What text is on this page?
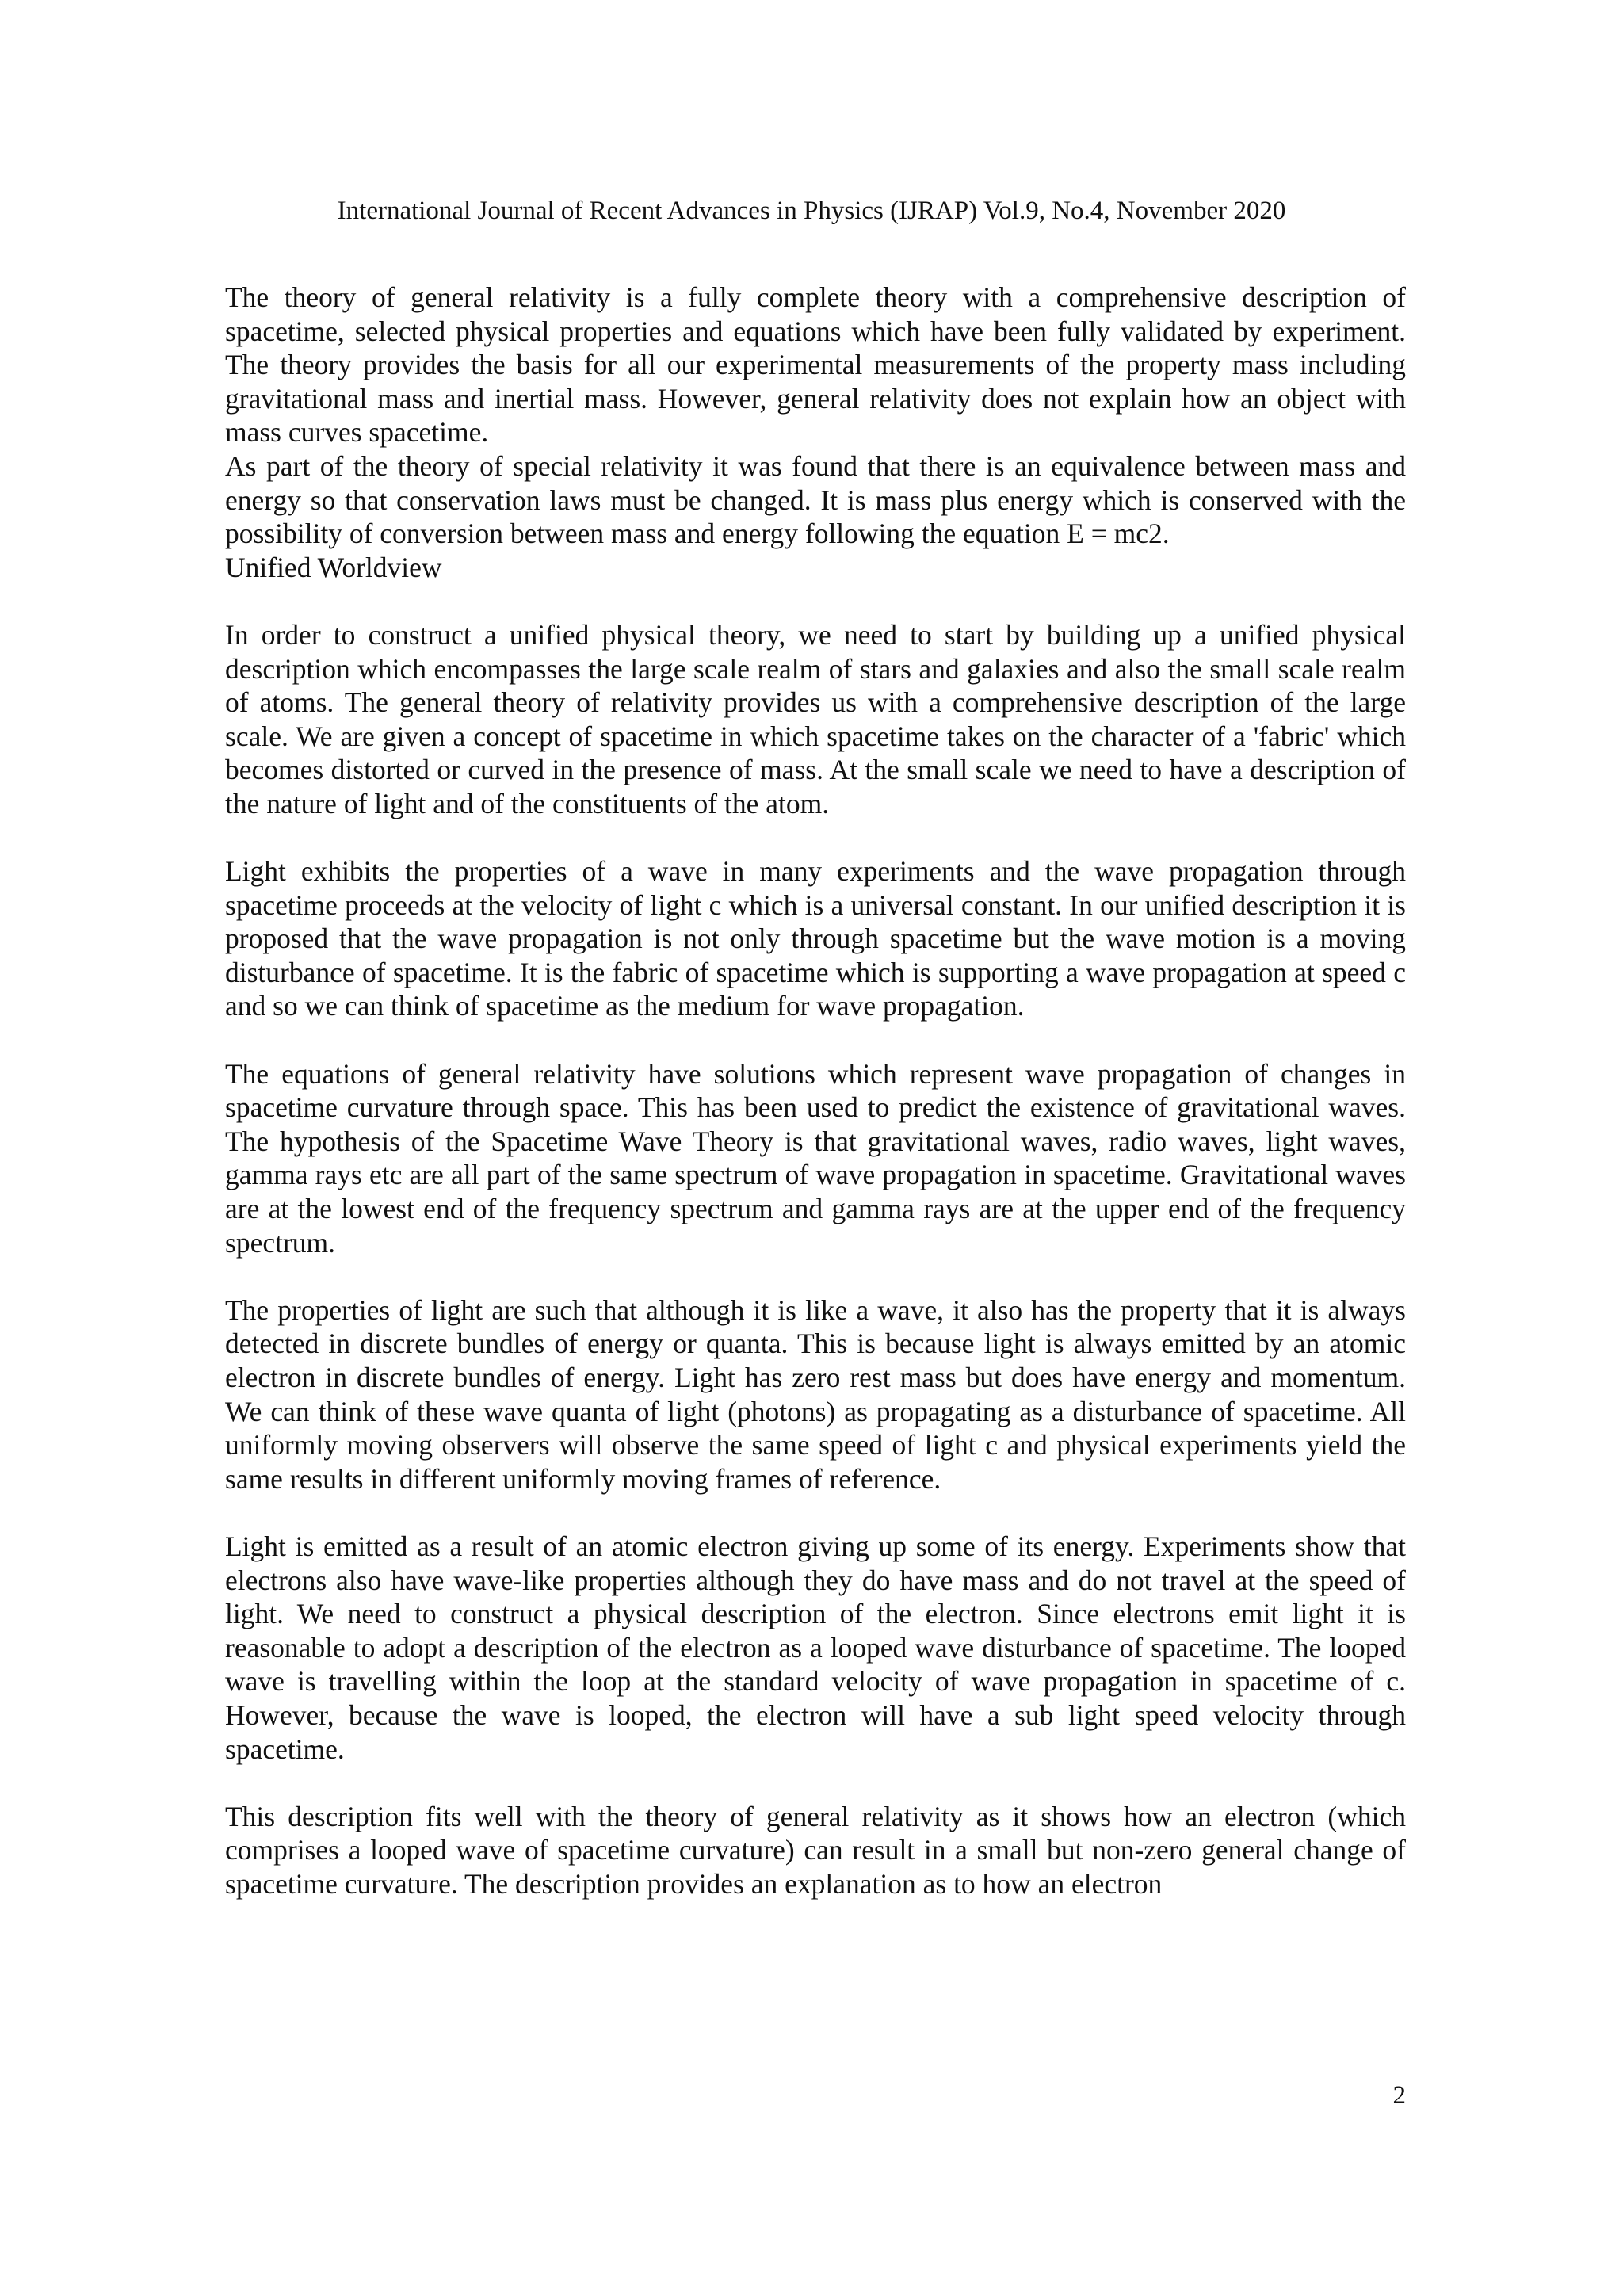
International Journal of Recent Advances in Physics (IJRAP) Vol.9, No.4, November 2020

The theory of general relativity is a fully complete theory with a comprehensive description of spacetime, selected physical properties and equations which have been fully validated by experiment. The theory provides the basis for all our experimental measurements of the property mass including gravitational mass and inertial mass. However, general relativity does not explain how an object with mass curves spacetime.

As part of the theory of special relativity it was found that there is an equivalence between mass and energy so that conservation laws must be changed. It is mass plus energy which is conserved with the possibility of conversion between mass and energy following the equation E = mc2.

Unified Worldview

In order to construct a unified physical theory, we need to start by building up a unified physical description which encompasses the large scale realm of stars and galaxies and also the small scale realm of atoms. The general theory of relativity provides us with a comprehensive description of the large scale. We are given a concept of spacetime in which spacetime takes on the character of a 'fabric' which becomes distorted or curved in the presence of mass. At the small scale we need to have a description of the nature of light and of the constituents of the atom.

Light exhibits the properties of a wave in many experiments and the wave propagation through spacetime proceeds at the velocity of light c which is a universal constant. In our unified description it is proposed that the wave propagation is not only through spacetime but the wave motion is a moving disturbance of spacetime. It is the fabric of spacetime which is supporting a wave propagation at speed c and so we can think of spacetime as the medium for wave propagation.

The equations of general relativity have solutions which represent wave propagation of changes in spacetime curvature through space. This has been used to predict the existence of gravitational waves. The hypothesis of the Spacetime Wave Theory is that gravitational waves, radio waves, light waves, gamma rays etc are all part of the same spectrum of wave propagation in spacetime. Gravitational waves are at the lowest end of the frequency spectrum and gamma rays are at the upper end of the frequency spectrum.

The properties of light are such that although it is like a wave, it also has the property that it is always detected in discrete bundles of energy or quanta. This is because light is always emitted by an atomic electron in discrete bundles of energy. Light has zero rest mass but does have energy and momentum. We can think of these wave quanta of light (photons) as propagating as a disturbance of spacetime. All uniformly moving observers will observe the same speed of light c and physical experiments yield the same results in different uniformly moving frames of reference.

Light is emitted as a result of an atomic electron giving up some of its energy. Experiments show that electrons also have wave-like properties although they do have mass and do not travel at the speed of light. We need to construct a physical description of the electron. Since electrons emit light it is reasonable to adopt a description of the electron as a looped wave disturbance of spacetime. The looped wave is travelling within the loop at the standard velocity of wave propagation in spacetime of c. However, because the wave is looped, the electron will have a sub light speed velocity through spacetime.

This description fits well with the theory of general relativity as it shows how an electron (which comprises a looped wave of spacetime curvature) can result in a small but non-zero general change of spacetime curvature. The description provides an explanation as to how an electron

2
